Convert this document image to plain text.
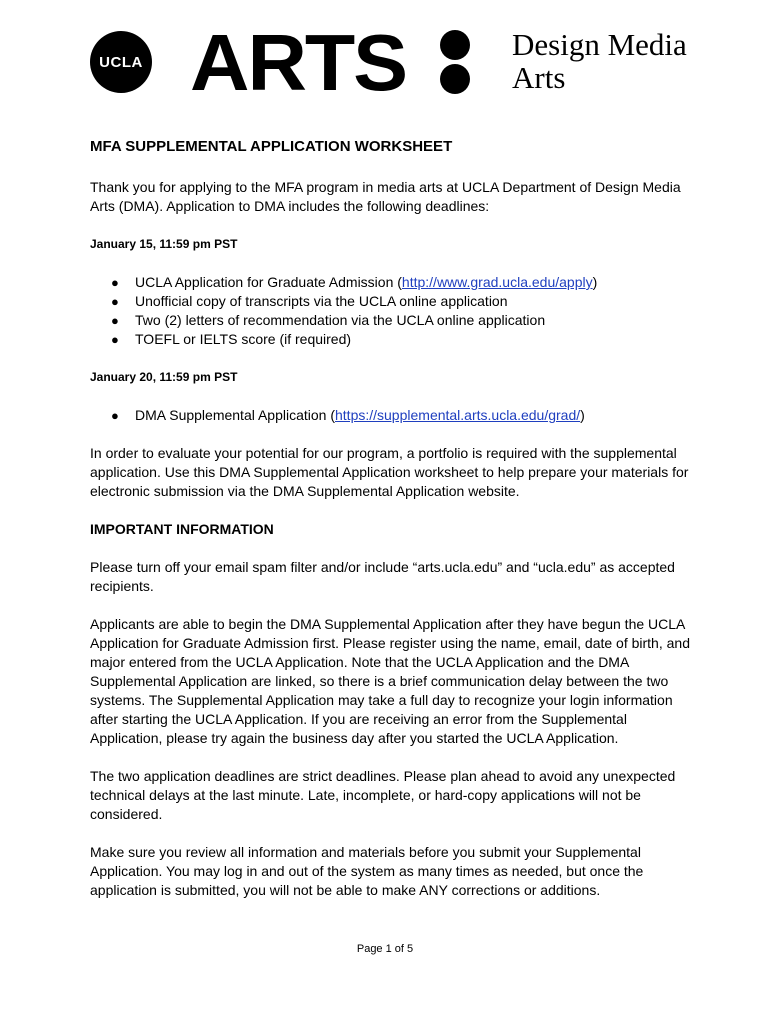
UCLA ARTS	Design Media
Arts
MFA SUPPLEMENTAL APPLICATION WORKSHEET

Thank you for applying to the MFA program in media arts at UCLA Department of Design Media Arts (DMA). Application to DMA includes the following deadlines:

January 15, 11:59 pm PST
● UCLA Application for Graduate Admission (http://www.grad.ucla.edu/apply)
● Unofficial copy of transcripts via the UCLA online application
● Two (2) letters of recommendation via the UCLA online application
● TOEFL or IELTS score (if required)
January 20, 11:59 pm PST
● DMA Supplemental Application (https://supplemental.arts.ucla.edu/grad/)

In order to evaluate your potential for our program, a portfolio is required with the supplemental application. Use this DMA Supplemental Application worksheet to help prepare your materials for electronic submission via the DMA Supplemental Application website.

IMPORTANT INFORMATION

Please turn off your email spam filter and/or include “arts.ucla.edu” and “ucla.edu” as accepted recipients.

Applicants are able to begin the DMA Supplemental Application after they have begun the UCLA Application for Graduate Admission first. Please register using the name, email, date of birth, and major entered from the UCLA Application. Note that the UCLA Application and the DMA Supplemental Application are linked, so there is a brief communication delay between the two systems. The Supplemental Application may take a full day to recognize your login information after starting the UCLA Application. If you are receiving an error from the Supplemental Application, please try again the business day after you started the UCLA Application.

The two application deadlines are strict deadlines. Please plan ahead to avoid any unexpected technical delays at the last minute. Late, incomplete, or hard-copy applications will not be considered.

Make sure you review all information and materials before you submit your Supplemental Application. You may log in and out of the system as many times as needed, but once the application is submitted, you will not be able to make ANY corrections or additions.

Page 1 of 5
